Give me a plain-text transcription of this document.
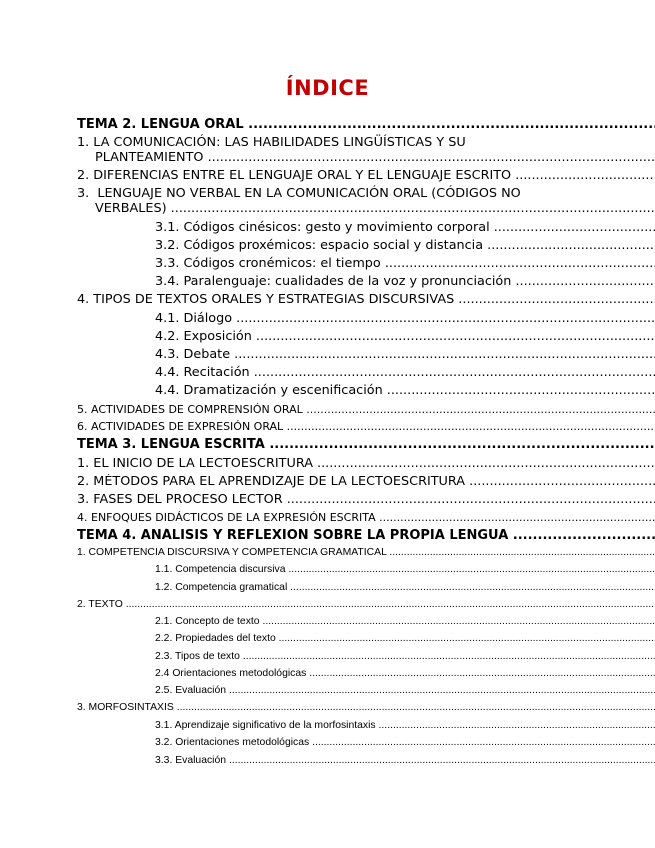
ÍNDICE
TEMA 2. LENGUA ORAL .....
1. LA COMUNICACIÓN: LAS HABILIDADES LINGÜÍSTICAS Y SU
PLANTEAMIENTO .....
2. DIFERENCIAS ENTRE EL LENGUAJE ORAL Y EL LENGUAJE ESCRITO .....
3.  LENGUAJE NO VERBAL EN LA COMUNICACIÓN ORAL (CÓDIGOS NO
VERBALES) .....
3.1. Códigos cinésicos: gesto y movimiento corporal .....
3.2. Códigos proxémicos: espacio social y distancia .....
3.3. Códigos cronémicos: el tiempo .....
3.4. Paralenguaje: cualidades de la voz y pronunciación .....
4. TIPOS DE TEXTOS ORALES Y ESTRATEGIAS DISCURSIVAS .....
4.1. Diálogo .....
4.2. Exposición .....
4.3. Debate .....
4.4. Recitación .....
4.4. Dramatización y escenificación .....
5. ACTIVIDADES DE COMPRENSIÓN ORAL .....
6. ACTIVIDADES DE EXPRESIÓN ORAL .....
TEMA 3. LENGUA ESCRITA .....
1. EL INICIO DE LA LECTOESCRITURA .....
2. MÉTODOS PARA EL APRENDIZAJE DE LA LECTOESCRITURA .....
3. FASES DEL PROCESO LECTOR .....
4. ENFOQUES DIDÁCTICOS DE LA EXPRESIÓN ESCRITA .....
TEMA 4. ANÁLISIS Y REFLEXIÓN SOBRE LA PROPIA LENGUA .....
1. COMPETENCIA DISCURSIVA Y COMPETENCIA GRAMATICAL .....
1.1. Competencia discursiva .....
1.2. Competencia gramatical .....
2. TEXTO .....
2.1. Concepto de texto .....
2.2. Propiedades del texto .....
2.3. Tipos de texto .....
2.4 Orientaciones metodológicas .....
2.5. Evaluación .....
3. MORFOSINTAXIS .....
3.1. Aprendizaje significativo de la morfosintaxis .....
3.2. Orientaciones metodológicas .....
3.3. Evaluación .....
